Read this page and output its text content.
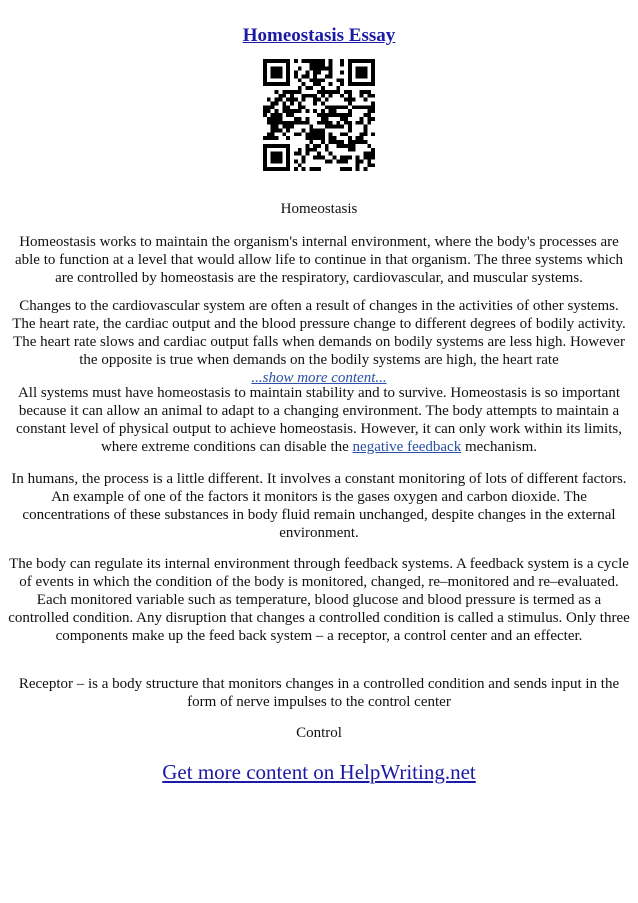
Homeostasis Essay
Homeostasis

Homeostasis works to maintain the organism's internal environment, where the body's processes are able to function at a level that would allow life to continue in that organism. The three systems which are controlled by homeostasis are the respiratory, cardiovascular, and muscular systems.

Changes to the cardiovascular system are often a result of changes in the activities of other systems. The heart rate, the cardiac output and the blood pressure change to different degrees of bodily activity. The heart rate slows and cardiac output falls when demands on bodily systems are less high. However the opposite is true when demands on the bodily systems are high, the heart rate
...show more content...

All systems must have homeostasis to maintain stability and to survive. Homeostasis is so important because it can allow an animal to adapt to a changing environment. The body attempts to maintain a constant level of physical output to achieve homeostasis. However, it can only work within its limits, where extreme conditions can disable the negative feedback mechanism.

In humans, the process is a little different. It involves a constant monitoring of lots of different factors. An example of one of the factors it monitors is the gases oxygen and carbon dioxide. The concentrations of these substances in body fluid remain unchanged, despite changes in the external environment.

The body can regulate its internal environment through feedback systems. A feedback system is a cycle of events in which the condition of the body is monitored, changed, re–monitored and re–evaluated. Each monitored variable such as temperature, blood glucose and blood pressure is termed as a controlled condition. Any disruption that changes a controlled condition is called a stimulus. Only three components make up the feed back system – a receptor, a control center and an effecter.

Receptor – is a body structure that monitors changes in a controlled condition and sends input in the form of nerve impulses to the control center

Control

Get more content on HelpWriting.net
